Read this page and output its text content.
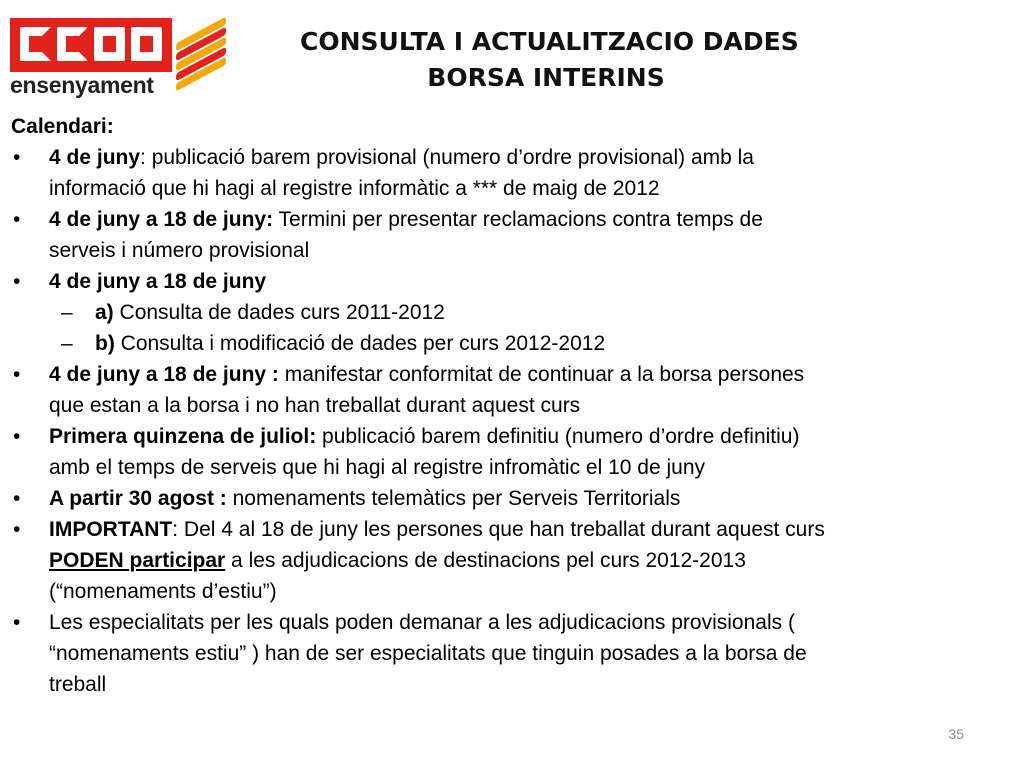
ensenyament
CONSULTA I ACTUALITZACIO DADES
BORSA INTERINS
Calendari:
• 4 de juny: publicació barem provisional (numero d’ordre provisional) amb la
informació que hi hagi al registre informàtic a *** de maig de 2012
• 4 de juny a 18 de juny: Termini per presentar reclamacions contra temps de
serveis i número provisional
• 4 de juny a 18 de juny
– a) Consulta de dades curs 2011-2012
– b) Consulta i modificació de dades per curs 2012-2012
• 4 de juny a 18 de juny : manifestar conformitat de continuar a la borsa persones
que estan a la borsa i no han treballat durant aquest curs
• Primera quinzena de juliol: publicació barem definitiu (numero d’ordre definitiu)
amb el temps de serveis que hi hagi al registre infromàtic el 10 de juny
• A partir 30 agost : nomenaments telemàtics per Serveis Territorials
• IMPORTANT: Del 4 al 18 de juny les persones que han treballat durant aquest curs
PODEN participar a les adjudicacions de destinacions pel curs 2012-2013
(“nomenaments d’estiu”)
• Les especialitats per les quals poden demanar a les adjudicacions provisionals (
“nomenaments estiu” ) han de ser especialitats que tinguin posades a la borsa de
treball
35
